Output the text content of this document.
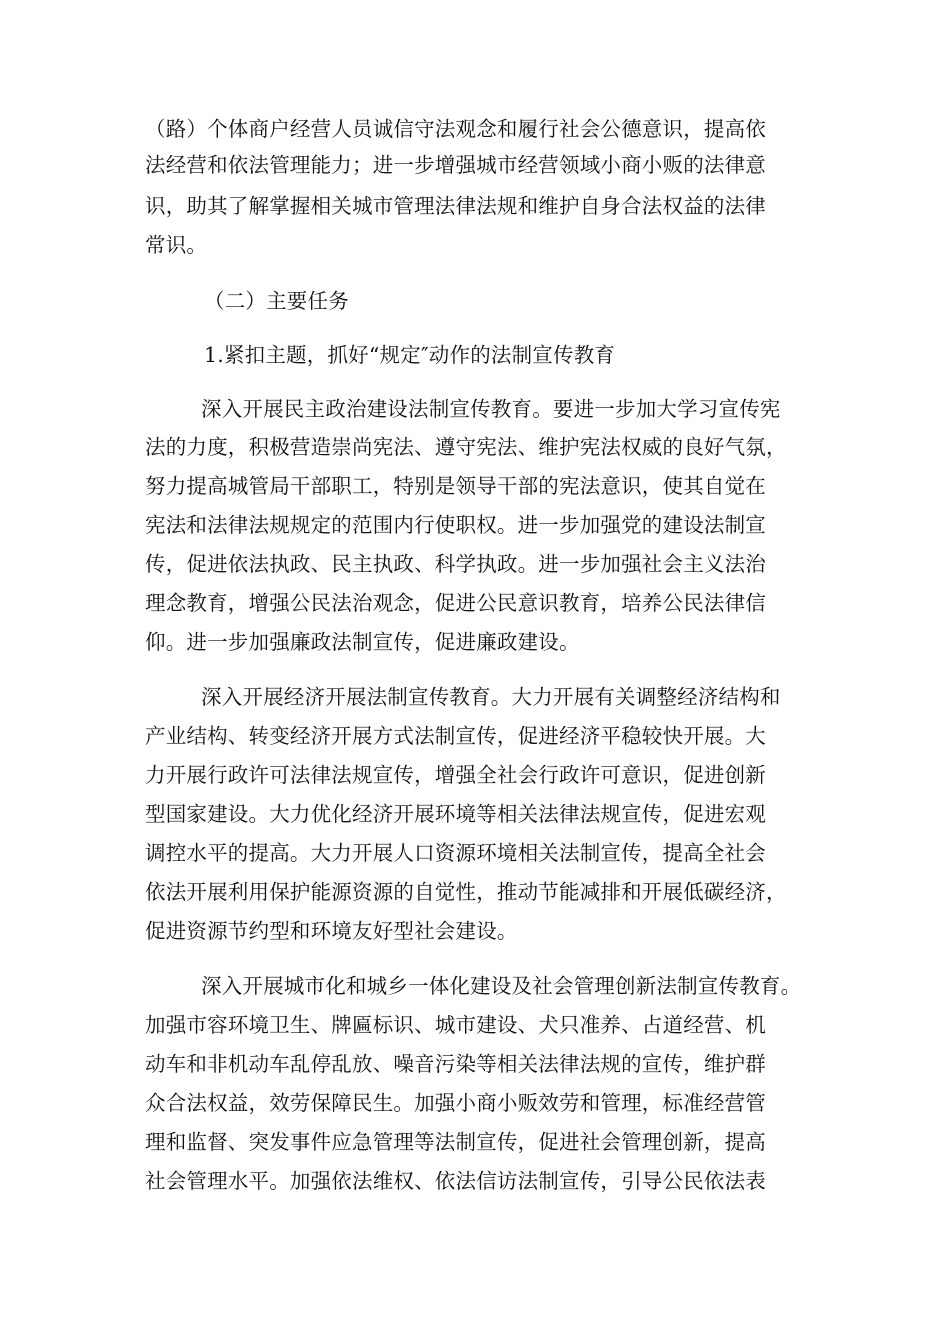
（路）个体商户经营人员诚信守法观念和履行社会公德意识，提高依
法经营和依法管理能力；进一步增强城市经营领域小商小贩的法律意
识，助其了解掌握相关城市管理法律法规和维护自身合法权益的法律
常识。
（二）主要任务
1.紧扣主题，抓好“规定″动作的法制宣传教育
深入开展民主政治建设法制宣传教育。要进一步加大学习宣传宪
法的力度，积极营造崇尚宪法、遵守宪法、维护宪法权威的良好气氛，
努力提高城管局干部职工，特别是领导干部的宪法意识，使其自觉在
宪法和法律法规规定的范围内行使职权。进一步加强党的建设法制宣
传，促进依法执政、民主执政、科学执政。进一步加强社会主义法治
理念教育，增强公民法治观念，促进公民意识教育，培养公民法律信
仰。进一步加强廉政法制宣传，促进廉政建设。
深入开展经济开展法制宣传教育。大力开展有关调整经济结构和
产业结构、转变经济开展方式法制宣传，促进经济平稳较快开展。大
力开展行政许可法律法规宣传，增强全社会行政许可意识，促进创新
型国家建设。大力优化经济开展环境等相关法律法规宣传，促进宏观
调控水平的提高。大力开展人口资源环境相关法制宣传，提高全社会
依法开展利用保护能源资源的自觉性，推动节能减排和开展低碳经济，
促进资源节约型和环境友好型社会建设。
深入开展城市化和城乡一体化建设及社会管理创新法制宣传教育。
加强市容环境卫生、牌匾标识、城市建设、犬只准养、占道经营、机
动车和非机动车乱停乱放、噪音污染等相关法律法规的宣传，维护群
众合法权益，效劳保障民生。加强小商小贩效劳和管理，标准经营管
理和监督、突发事件应急管理等法制宣传，促进社会管理创新，提高
社会管理水平。加强依法维权、依法信访法制宣传，引导公民依法表
